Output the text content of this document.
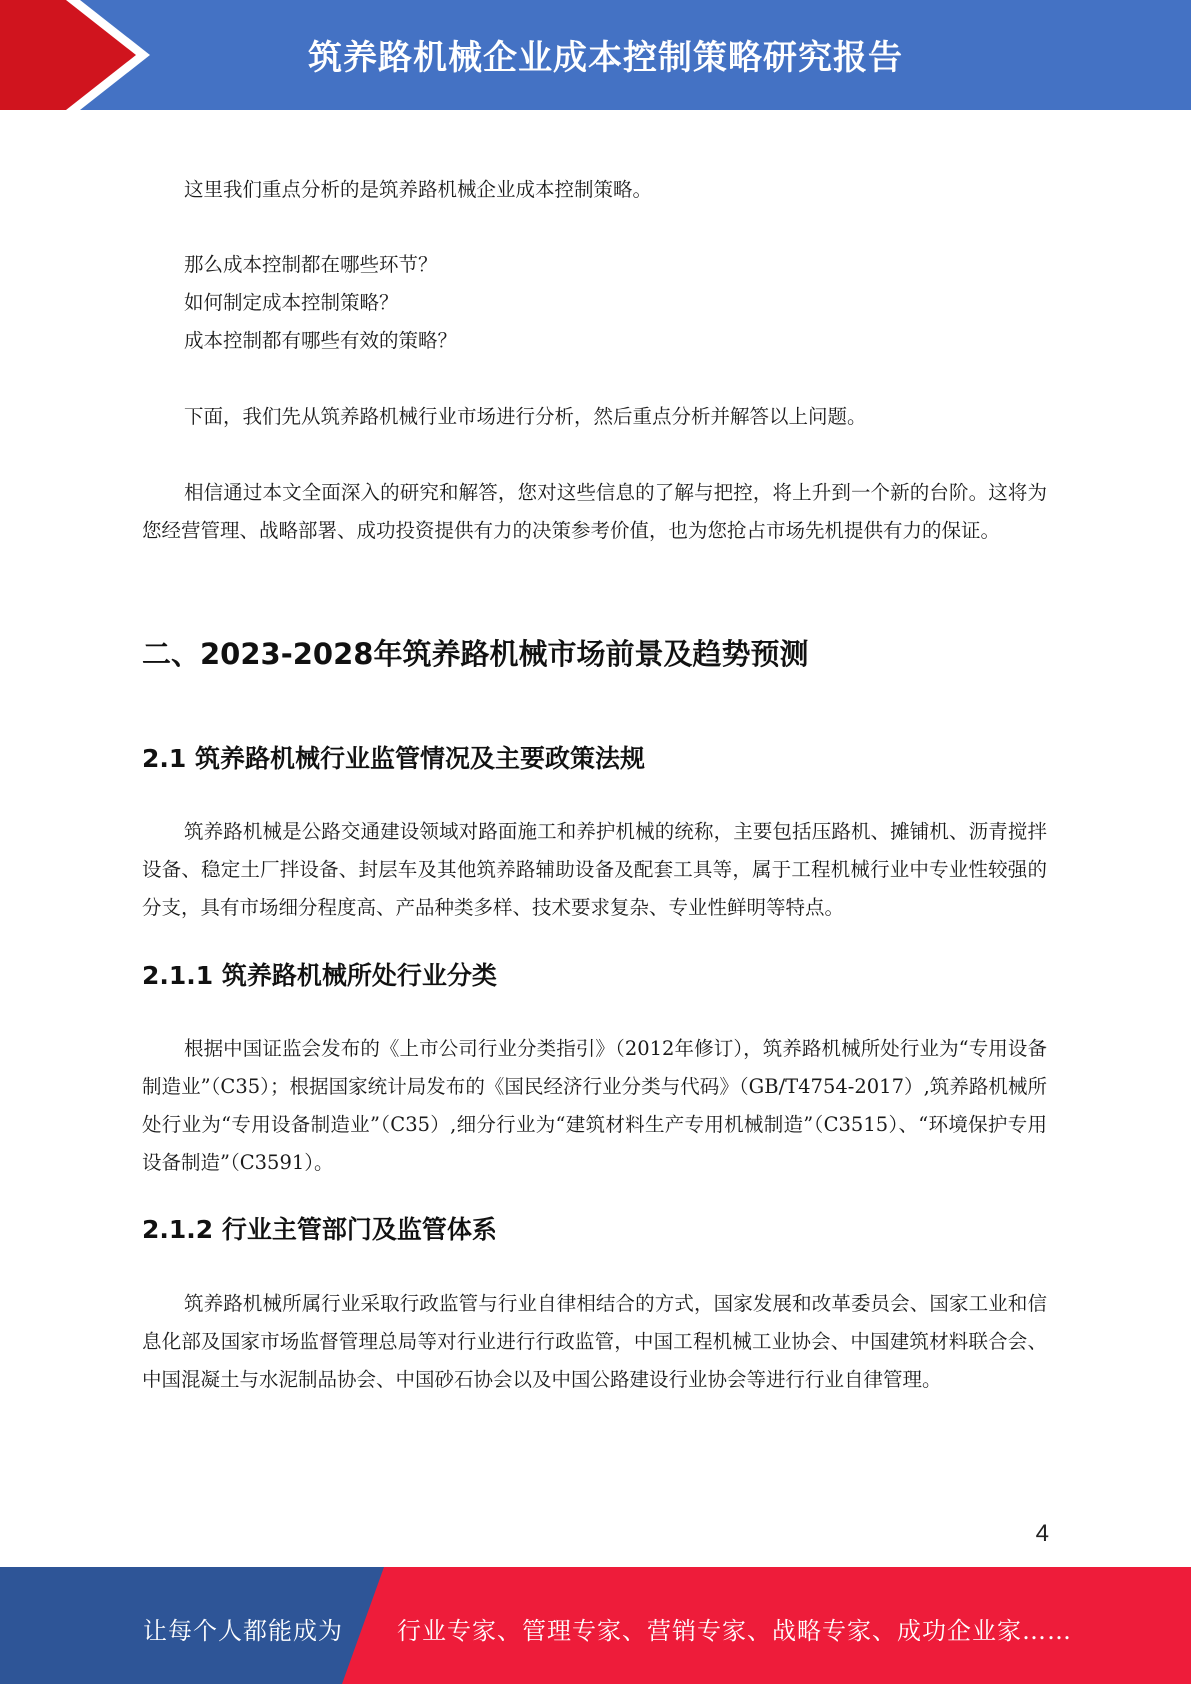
筑养路机械企业成本控制策略研究报告

这里我们重点分析的是筑养路机械企业成本控制策略。

那么成本控制都在哪些环节？

如何制定成本控制策略？

成本控制都有哪些有效的策略？

下面，我们先从筑养路机械行业市场进行分析，然后重点分析并解答以上问题。

相信通过本文全面深入的研究和解答，您对这些信息的了解与把控，将上升到一个新的台阶。这将为您经营管理、战略部署、成功投资提供有力的决策参考价值，也为您抢占市场先机提供有力的保证。

二、2023-2028年筑养路机械市场前景及趋势预测
2.1 筑养路机械行业监管情况及主要政策法规

筑养路机械是公路交通建设领域对路面施工和养护机械的统称，主要包括压路机、摊铺机、沥青搅拌设备、稳定土厂拌设备、封层车及其他筑养路辅助设备及配套工具等，属于工程机械行业中专业性较强的分支，具有市场细分程度高、产品种类多样、技术要求复杂、专业性鲜明等特点。

2.1.1 筑养路机械所处行业分类

根据中国证监会发布的《上市公司行业分类指引》（2012年修订），筑养路机械所处行业为“专用设备制造业”（C35）；根据国家统计局发布的《国民经济行业分类与代码》（GB/T4754-2017）,筑养路机械所处行业为“专用设备制造业”（C35）,细分行业为“建筑材料生产专用机械制造”（C3515）、“环境保护专用设备制造”（C3591）。

2.1.2 行业主管部门及监管体系

筑养路机械所属行业采取行政监管与行业自律相结合的方式，国家发展和改革委员会、国家工业和信息化部及国家市场监督管理总局等对行业进行行政监管，中国工程机械工业协会、中国建筑材料联合会、中国混凝土与水泥制品协会、中国砂石协会以及中国公路建设行业协会等进行行业自律管理。

4
让每个人都能成为 行业专家、管理专家、营销专家、战略专家、成功企业家……
